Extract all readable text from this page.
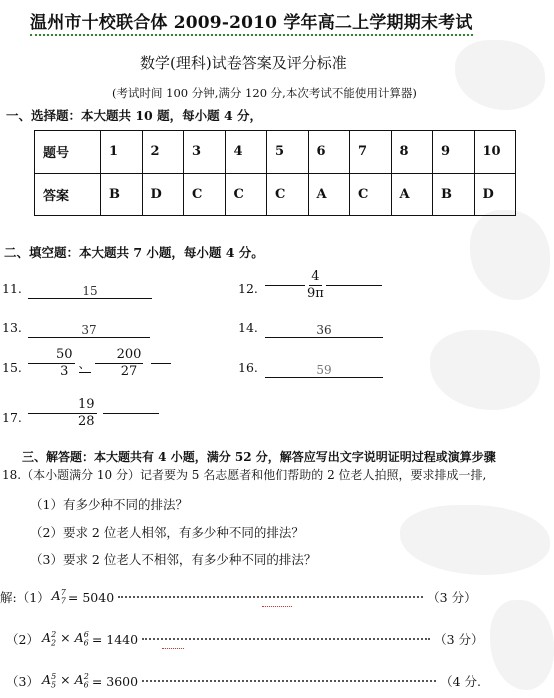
温州市十校联合体 2009-2010 学年高二上学期期末考试
数学(理科)试卷答案及评分标准
(考试时间 100 分钟,满分 120 分,本次考试不能使用计算器)
一、选择题：本大题共 10 题，每小题 4 分，
题号	1	2	3	4	5	6	7	8	9	10
答案	B	D	C	C	C	A	C	A	B	D
二、填空题：本大题共 7 小题，每小题 4 分。
11.	15	12.	$\frac{4}{9\pi}$
13.	37	14.	36
15. $\frac{50}{3}$ 、 $\frac{200}{27}$	16.	59
17.	$\frac{19}{28}$
三、解答题：本大题共有 4 小题，满分 52 分，解答应写出文字说明证明过程或演算步骤
18.（本小题满分 10 分）记者要为 5 名志愿者和他们帮助的 2 位老人拍照，要求排成一排,
（1）有多少种不同的排法？
（2）要求 2 位老人相邻，有多少种不同的排法？
（3）要求 2 位老人不相邻，有多少种不同的排法？
解:（1） $A_7^7 = 5040$	（3 分）
（2） $A_2^2 \times A_6^6 = 1440$	（3 分）
（3） $A_5^5 \times A_6^2 = 3600$	（4 分.
